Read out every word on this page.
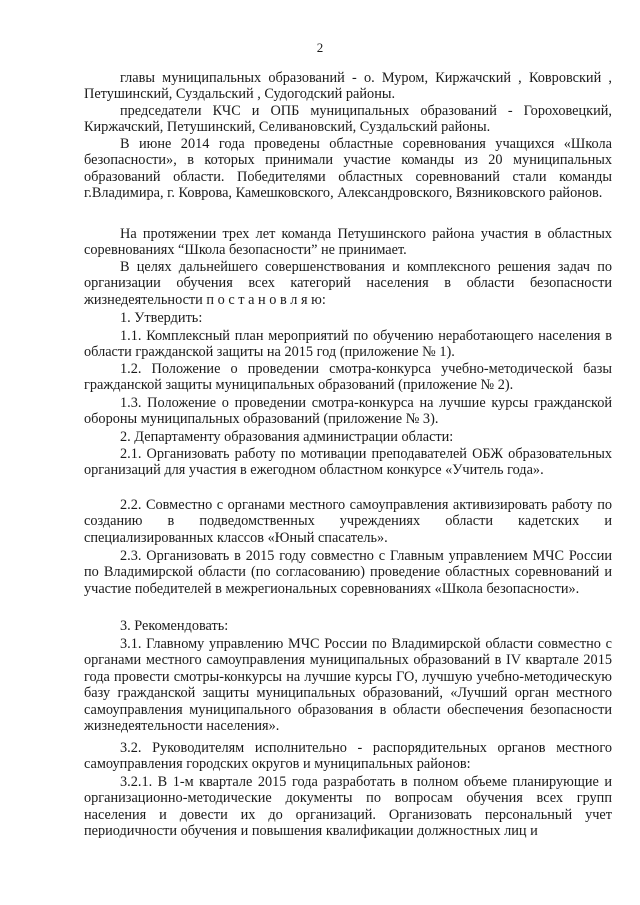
2

главы муниципальных образований - о. Муром, Киржачский , Ковровский , Петушинский, Суздальский , Судогодский районы.

председатели КЧС и ОПБ муниципальных образований - Гороховецкий, Киржачский, Петушинский, Селивановский, Суздальский районы.

В июне 2014 года проведены областные соревнования учащихся «Школа безопасности», в которых принимали участие команды из 20 муниципальных образований области. Победителями областных соревнований стали команды г.Владимира, г. Коврова, Камешковского, Александровского, Вязниковского районов.

На протяжении трех лет команда Петушинского района участия в областных соревнованиях “Школа безопасности” не принимает.

В целях дальнейшего совершенствования и комплексного решения задач по организации обучения всех категорий населения в области безопасности жизнедеятельности п о с т а н о в л я ю:

1. Утвердить:

1.1. Комплексный план мероприятий по обучению неработающего населения в области гражданской защиты на 2015 год (приложение № 1).

1.2. Положение о проведении смотра-конкурса учебно-методической базы гражданской защиты муниципальных образований (приложение № 2).

1.3. Положение о проведении смотра-конкурса на лучшие курсы гражданской обороны муниципальных образований (приложение № 3).

2. Департаменту образования администрации области:

2.1. Организовать работу по мотивации преподавателей ОБЖ образовательных организаций для участия в ежегодном областном конкурсе «Учитель года».

2.2. Совместно с органами местного самоуправления активизировать работу по созданию в подведомственных учреждениях области кадетских и специализированных классов «Юный спасатель».

2.3. Организовать в 2015 году совместно с Главным управлением МЧС России по Владимирской области (по согласованию) проведение областных соревнований и участие победителей в межрегиональных соревнованиях «Школа безопасности».

3. Рекомендовать:

3.1. Главному управлению МЧС России по Владимирской области совместно с органами местного самоуправления муниципальных образований в IV квартале 2015 года провести смотры-конкурсы на лучшие курсы ГО, лучшую учебно-методическую базу гражданской защиты муниципальных образований, «Лучший орган местного самоуправления муниципального образования в области обеспечения безопасности жизнедеятельности населения».

3.2. Руководителям исполнительно - распорядительных органов местного самоуправления городских округов и муниципальных районов:

3.2.1. В 1-м квартале 2015 года разработать в полном объеме планирующие и организационно-методические документы по вопросам обучения всех групп населения и довести их до организаций. Организовать персональный учет периодичности обучения и повышения квалификации должностных лиц и
